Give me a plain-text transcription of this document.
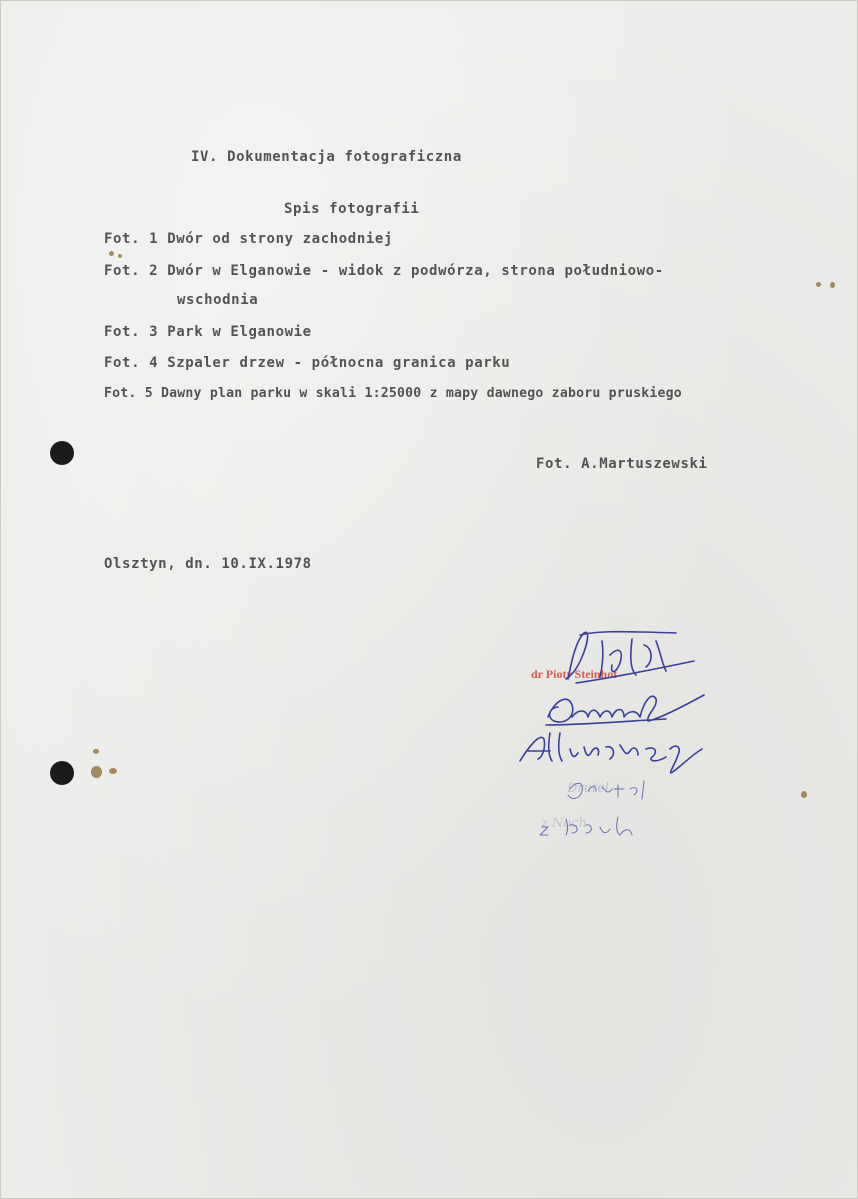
IV. Dokumentacja fotograficzna
Spis fotografii
Fot. 1 Dwór od strony zachodniej
Fot. 2 Dwór w Elganowie - widok z podwórza, strona południowo-
wschodnia
Fot. 3 Park w Elganowie
Fot. 4 Szpaler drzew - północna granica parku
Fot. 5 Dawny plan parku w skali 1:25000 z mapy dawnego zaboru pruskiego
Fot. A.Martuszewski
Olsztyn, dn. 10.IX.1978
dr Piotr Steinhof
Drutel
z Noch
